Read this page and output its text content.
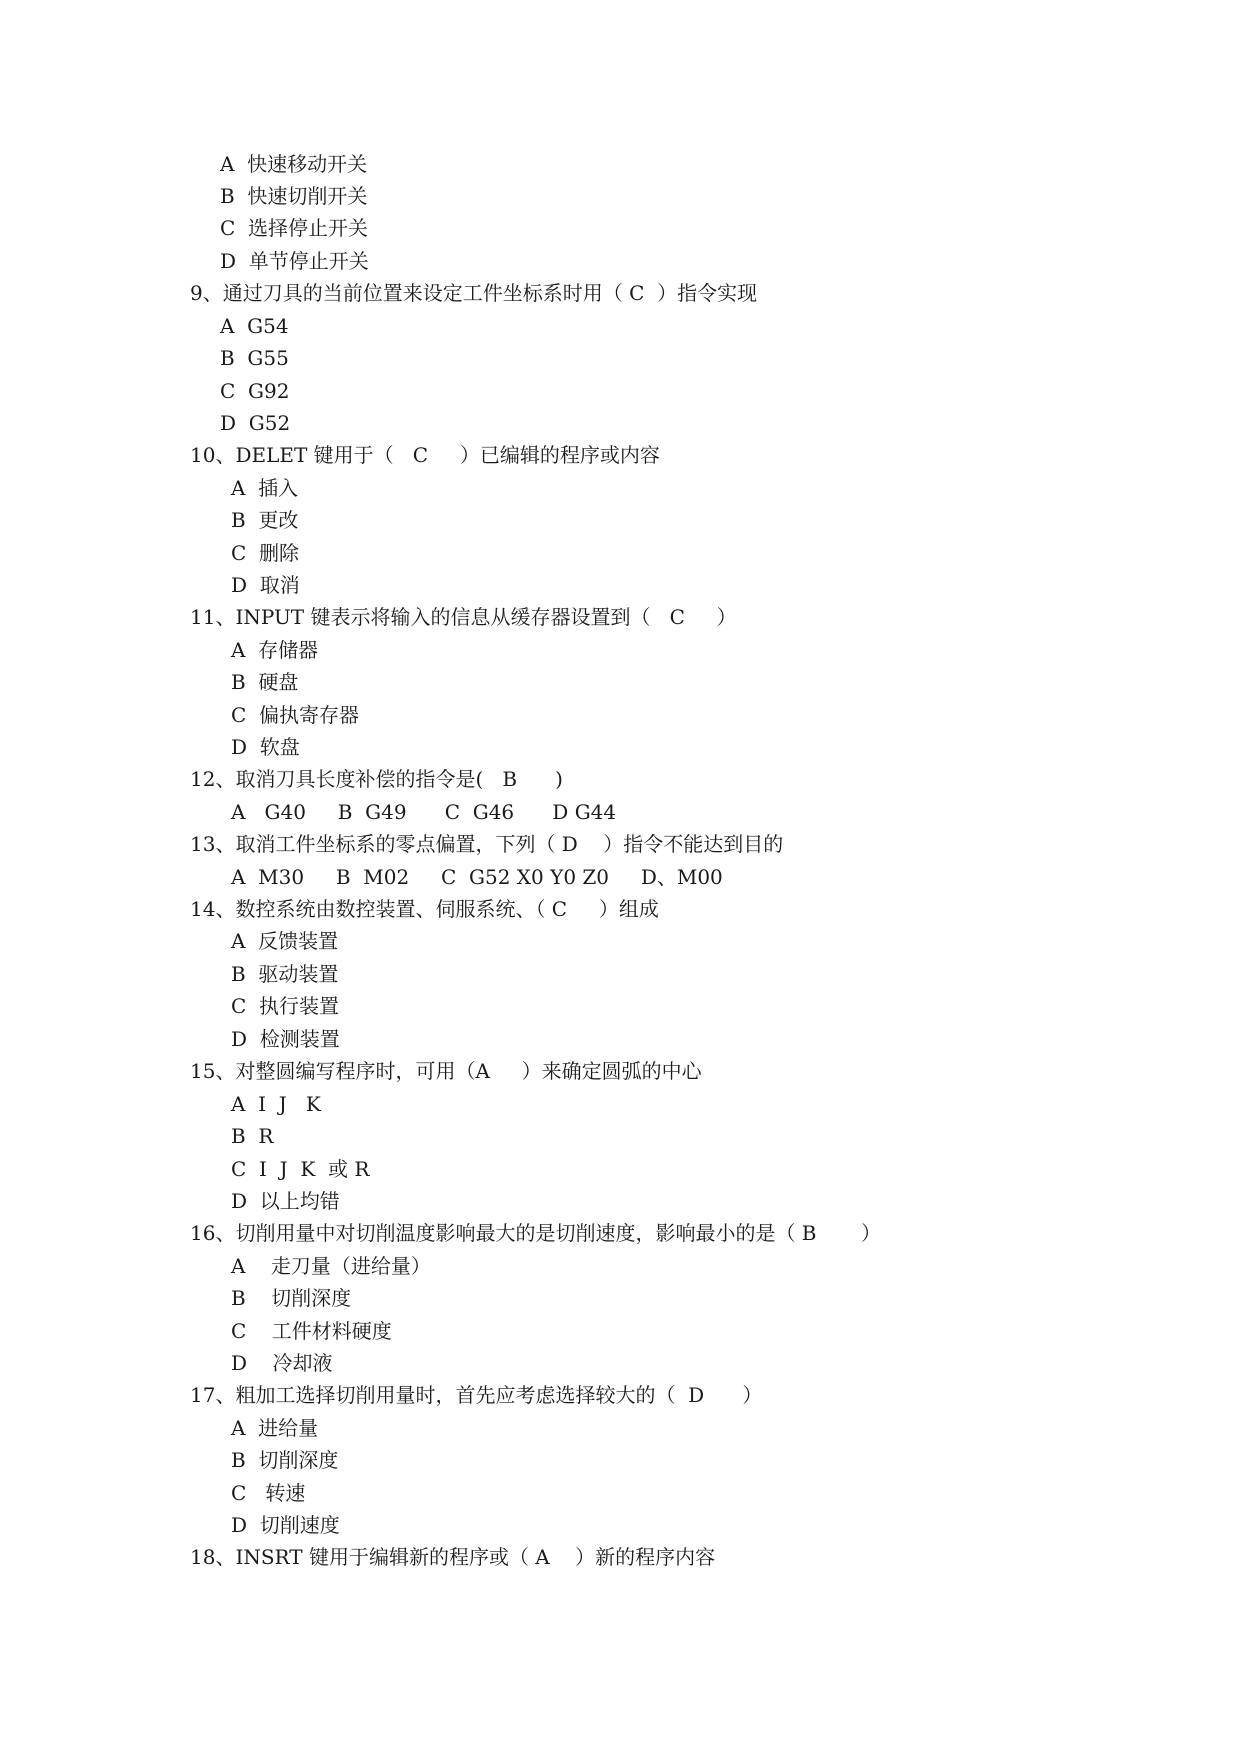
A  快速移动开关
B  快速切削开关
C  选择停止开关
D  单节停止开关
9、通过刀具的当前位置来设定工件坐标系时用（ C  ）指令实现
A  G54
B  G55
C  G92
D  G52
10、DELET 键用于（   C     ）已编辑的程序或内容
A  插入
B  更改
C  删除
D  取消
11、INPUT 键表示将输入的信息从缓存器设置到（   C     ）
A  存储器
B  硬盘
C  偏执寄存器
D  软盘
12、取消刀具长度补偿的指令是(   B      )
A   G40     B  G49      C  G46      D G44
13、取消工件坐标系的零点偏置，下列（ D    ）指令不能达到目的
A  M30     B  M02     C  G52 X0 Y0 Z0     D、M00
14、数控系统由数控装置、伺服系统、（ C     ）组成
A  反馈装置
B  驱动装置
C  执行装置
D  检测装置
15、对整圆编写程序时，可用（A     ）来确定圆弧的中心
A  I  J   K
B  R
C  I  J  K  或 R
D  以上均错
16、切削用量中对切削温度影响最大的是切削速度，影响最小的是（ B       ）
A    走刀量（进给量）
B    切削深度
C    工件材料硬度
D    冷却液
17、粗加工选择切削用量时，首先应考虑选择较大的（  D      ）
A  进给量
B  切削深度
C   转速
D  切削速度
18、INSRT 键用于编辑新的程序或（ A    ）新的程序内容
